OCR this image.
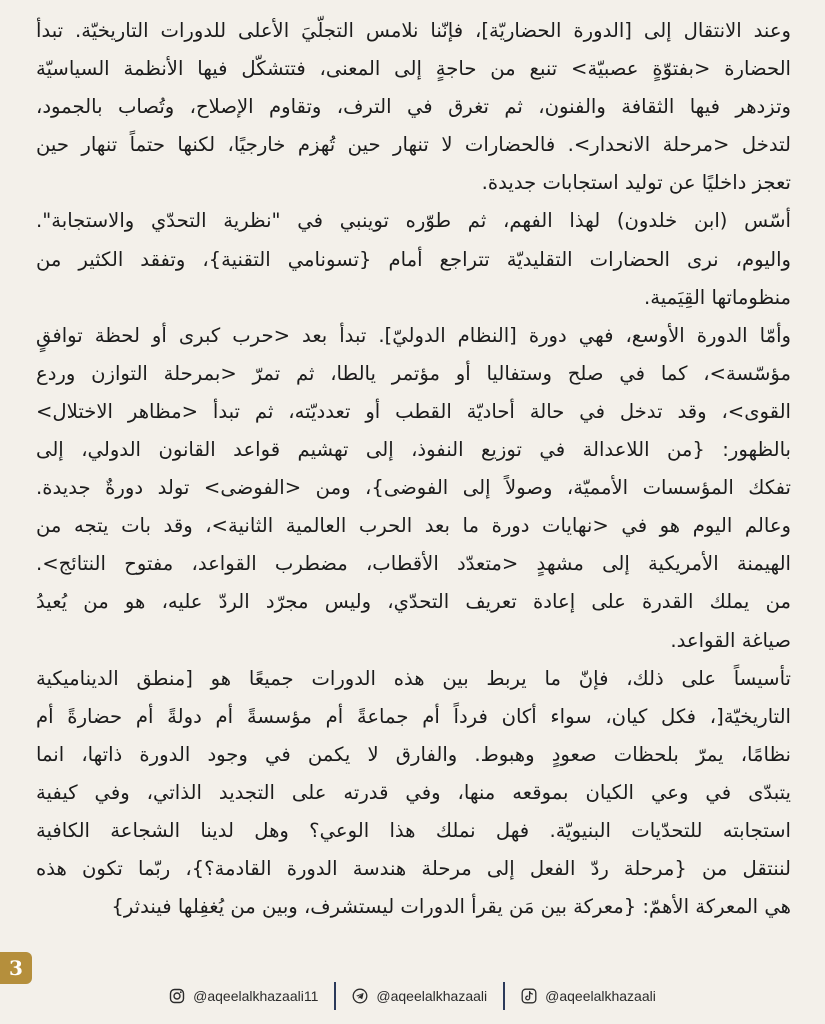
وعند الانتقال إلى [الدورة الحضاريّة]، فإنّنا نلامس التجلّيَ الأعلى للدورات التاريخيّة. تبدأ
الحضارة <بفتوّةٍ عصبيّة> تنبع من حاجةٍ إلى المعنى، فتتشكّل فيها الأنظمة السياسيّة
وتزدهر فيها الثقافة والفنون، ثم تغرق في الترف، وتقاوم الإصلاح، وتُصاب بالجمود،
لتدخل <مرحلة الانحدار>. فالحضارات لا تنهار حين تُهزم خارجيًا، لكنها حتماً تنهار حين
تعجز داخليًا عن توليد استجابات جديدة.
أسّس (ابن خلدون) لهذا الفهم، ثم طوّره توينبي في "نظرية التحدّي والاستجابة".
واليوم، نرى الحضارات التقليديّة تتراجع أمام {تسونامي التقنية}، وتفقد الكثير من
منظوماتها القِيَمية.
وأمّا الدورة الأوسع، فهي دورة [النظام الدوليّ]. تبدأ بعد <حرب كبرى أو لحظة توافقٍ
مؤسّسة>، كما في صلح وستفاليا أو مؤتمر يالطا، ثم تمرّ <بمرحلة التوازن وردع
القوى>، وقد تدخل في حالة أحاديّة القطب أو تعدديّته، ثم تبدأ <مظاهر الاختلال>
بالظهور: {من اللاعدالة في توزيع النفوذ، إلى تهشيم قواعد القانون الدولي، إلى
تفكك المؤسسات الأمميّة، وصولاً إلى الفوضى}، ومن <الفوضى> تولد دورةٌ جديدة.
وعالم اليوم هو في <نهايات دورة ما بعد الحرب العالمية الثانية>، وقد بات يتجه من
الهيمنة الأمريكية إلى مشهدٍ <متعدّد الأقطاب، مضطرب القواعد، مفتوح النتائج>.
من يملك القدرة على إعادة تعريف التحدّي، وليس مجرّد الردّ عليه، هو من يُعيدُ
صياغة القواعد.
تأسيساً على ذلك، فإنّ ما يربط بين هذه الدورات جميعًا هو [منطق الديناميكية
التاريخيّة[، فكل كيان، سواء أكان فرداً أم جماعةً أم مؤسسةً أم دولةً أم حضارةً أم
نظامًا، يمرّ بلحظات صعودٍ وهبوط. والفارق لا يكمن في وجود الدورة ذاتها، انما
يتبدّى في وعي الكيان بموقعه منها، وفي قدرته على التجديد الذاتي، وفي كيفية
استجابته للتحدّيات البنيويّة. فهل نملك هذا الوعي؟ وهل لدينا الشجاعة الكافية
لننتقل من {مرحلة ردّ الفعل إلى مرحلة هندسة الدورة القادمة؟}، ربّما تكون هذه
هي المعركة الأهمّ: {معركة بين مَن يقرأ الدورات ليستشرف، وبين من يُغفِلها فيندثر}
3
@aqeelalkhazaali11	@aqeelalkhazaali	@aqeelalkhazaali
